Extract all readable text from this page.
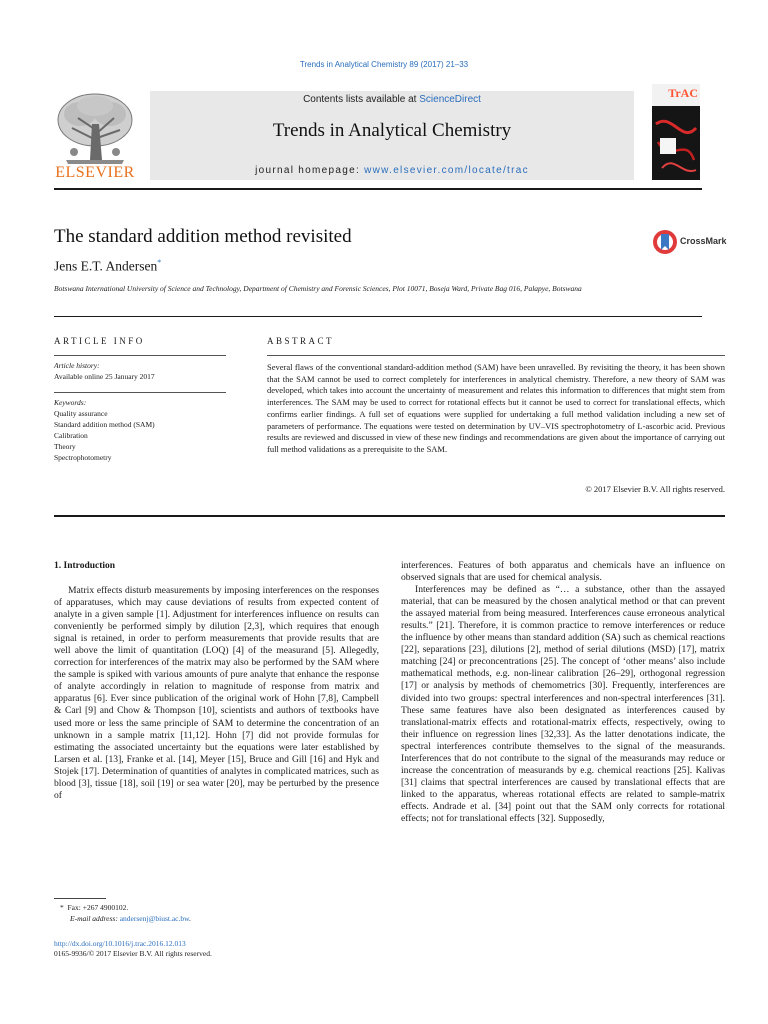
Trends in Analytical Chemistry 89 (2017) 21–33
ELSEVIER
Contents lists available at ScienceDirect
Trends in Analytical Chemistry
journal homepage: www.elsevier.com/locate/trac
TrAC
The standard addition method revisited
Jens E.T. Andersen*
Botswana International University of Science and Technology, Department of Chemistry and Forensic Sciences, Plot 10071, Boseja Ward, Private Bag 016, Palapye, Botswana
CrossMark
ARTICLE INFO	ABSTRACT
Article history:
Available online 25 January 2017
Keywords:
Quality assurance
Standard addition method (SAM)
Calibration
Theory
Spectrophotometry
Several flaws of the conventional standard-addition method (SAM) have been unravelled. By revisiting the theory, it has been shown that the SAM cannot be used to correct completely for interferences in analytical chemistry. Therefore, a new theory of SAM was developed, which takes into account the uncertainty of measurement and relates this information to differences that might stem from interferences. The SAM may be used to correct for rotational effects but it cannot be used to correct for translational effects, which confirms earlier findings. A full set of equations were supplied for undertaking a full method validation including a new set of parameters of performance. The equations were tested on determination by UV–VIS spectrophotometry of L-ascorbic acid. Previous results are reviewed and discussed in view of these new findings and recommendations are given about the importance of carrying out full method validations as a prerequisite to the SAM.
© 2017 Elsevier B.V. All rights reserved.
1. Introduction

Matrix effects disturb measurements by imposing interferences on the responses of apparatuses, which may cause deviations of results from expected content of analyte in a given sample [1]. Adjustment for interferences influence on results can conveniently be performed simply by dilution [2,3], which requires that enough signal is retained, in order to perform measurements that provide results that are well above the limit of quantitation (LOQ) [4] of the measurand [5]. Allegedly, correction for interferences of the matrix may also be performed by the SAM where the sample is spiked with various amounts of pure analyte that enhance the response of analyte accordingly in relation to magnitude of response from matrix and apparatus [6]. Ever since publication of the original work of Hohn [7,8], Campbell & Carl [9] and Chow & Thompson [10], scientists and authors of textbooks have used more or less the same principle of SAM to determine the concentration of an unknown in a sample matrix [11,12]. Hohn [7] did not provide formulas for estimating the associated uncertainty but the equations were later established by Larsen et al. [13], Franke et al. [14], Meyer [15], Bruce and Gill [16] and Hyk and Stojek [17]. Determination of quantities of analytes in complicated matrices, such as blood [3], tissue [18], soil [19] or sea water [20], may be perturbed by the presence of

interferences. Features of both apparatus and chemicals have an influence on observed signals that are used for chemical analysis.

Interferences may be defined as “… a substance, other than the assayed material, that can be measured by the chosen analytical method or that can prevent the assayed material from being measured. Interferences cause erroneous analytical results.” [21]. Therefore, it is common practice to remove interferences or reduce the influence by other means than standard addition (SA) such as chemical reactions [22], separations [23], dilutions [2], method of serial dilutions (MSD) [17], matrix matching [24] or preconcentrations [25]. The concept of ‘other means’ also include mathematical methods, e.g. non-linear calibration [26–29], orthogonal regression [17] or analysis by methods of chemometrics [30]. Frequently, interferences are divided into two groups: spectral interferences and non-spectral interferences [31]. These same features have also been designated as interferences caused by translational-matrix effects and rotational-matrix effects, respectively, owing to their influence on regression lines [32,33]. As the latter denotations indicate, the spectral interferences contribute themselves to the signal of the measurands. Interferences that do not contribute to the signal of the measurands may reduce or increase the concentration of measurands by e.g. chemical reactions [25]. Kalivas [31] claims that spectral interferences are caused by translational effects that are linked to the apparatus, whereas rotational effects are related to sample-matrix effects. Andrade et al. [34] point out that the SAM only corrects for rotational effects; not for translational effects [32]. Supposedly,

* Fax: +267 4900102.
E-mail address: andersenj@biust.ac.bw.
http://dx.doi.org/10.1016/j.trac.2016.12.013
0165-9936/© 2017 Elsevier B.V. All rights reserved.
